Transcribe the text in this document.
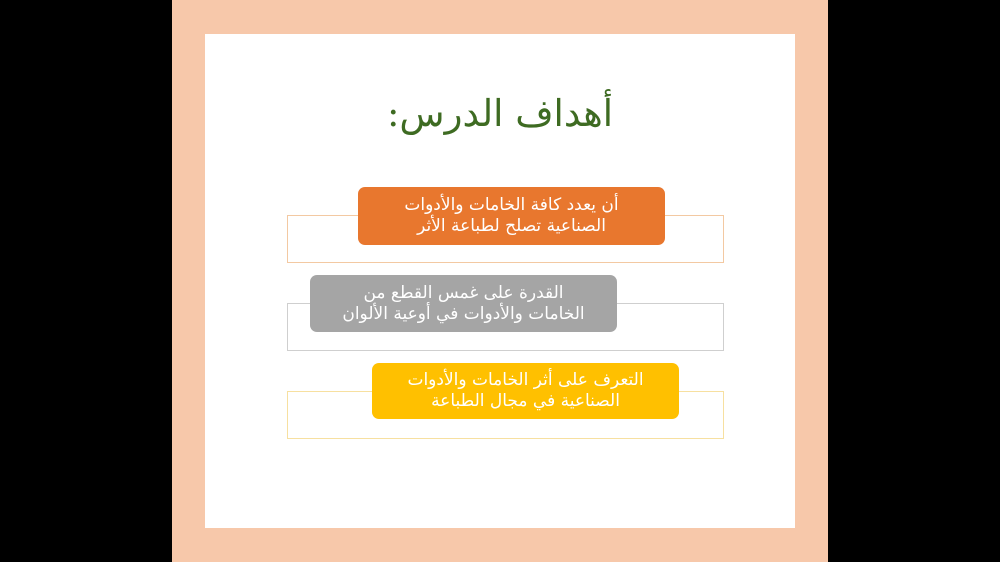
أهداف الدرس:
أن يعدد كافة الخامات والأدوات
الصناعية تصلح لطباعة الأثر
القدرة على غمس القطع من
الخامات والأدوات في أوعية الألوان
التعرف على أثر الخامات والأدوات
الصناعية في مجال الطباعة
